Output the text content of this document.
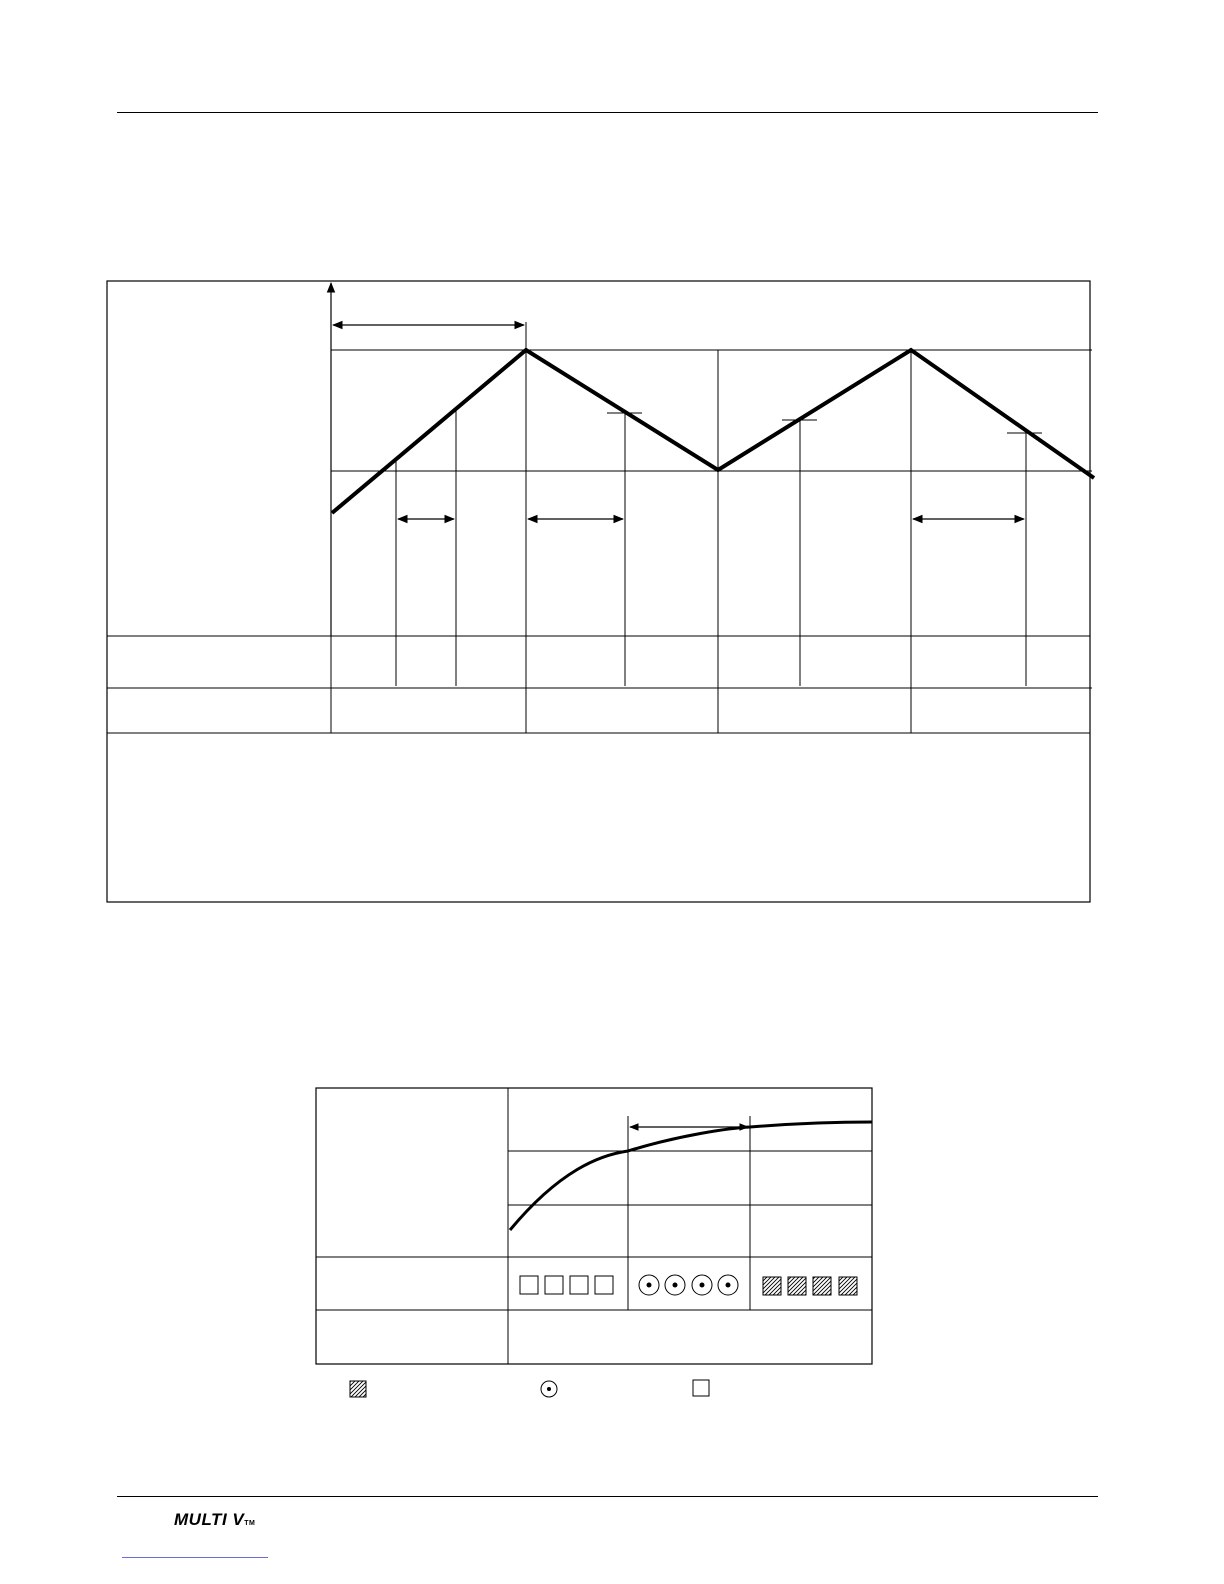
MULTI VTM
